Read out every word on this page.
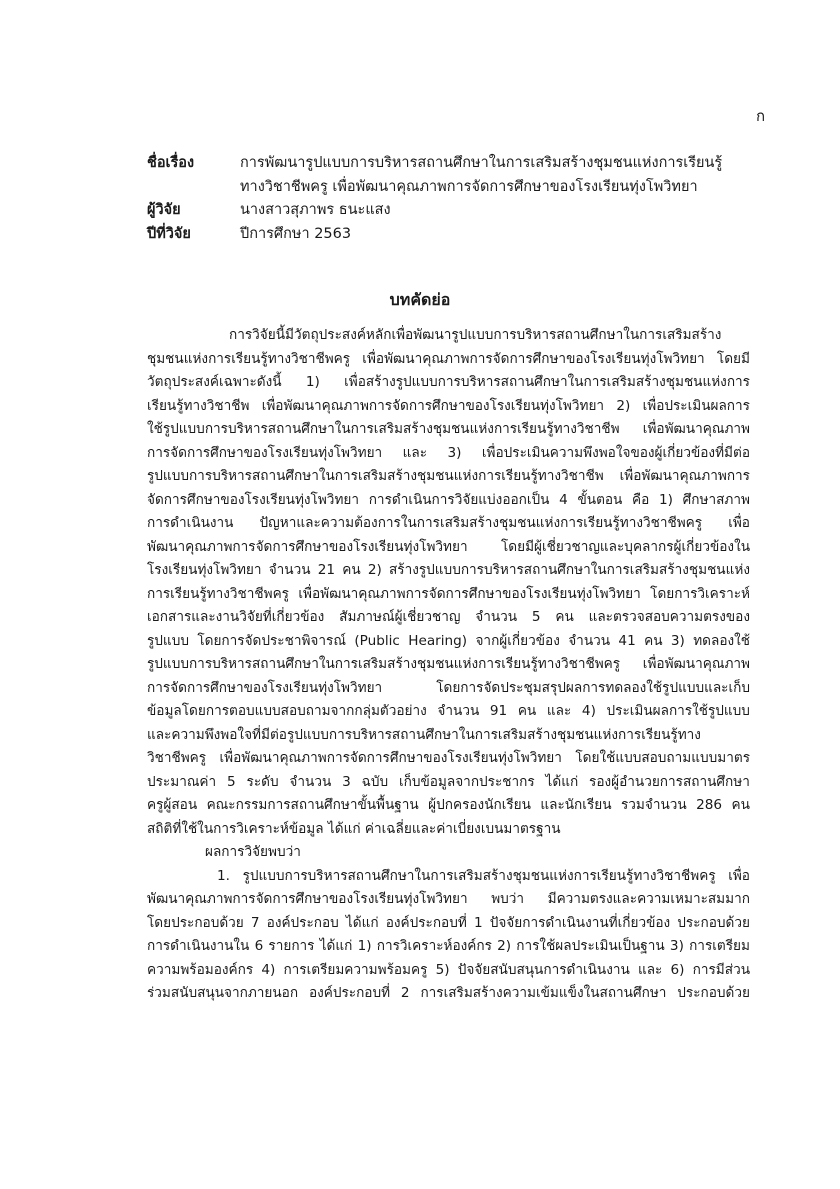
ก
ชื่อเรื่อง	การพัฒนารูปแบบการบริหารสถานศึกษาในการเสริมสร้างชุมชนแห่งการเรียนรู้
ทางวิชาชีพครู เพื่อพัฒนาคุณภาพการจัดการศึกษาของโรงเรียนทุ่งโพวิทยา
ผู้วิจัย	นางสาวสุภาพร ธนะแสง
ปีที่วิจัย	ปีการศึกษา 2563
บทคัดย่อ
การวิจัยนี้มีวัตถุประสงค์หลักเพื่อพัฒนารูปแบบการบริหารสถานศึกษาในการเสริมสร้าง
ชุมชนแห่งการเรียนรู้ทางวิชาชีพครู เพื่อพัฒนาคุณภาพการจัดการศึกษาของโรงเรียนทุ่งโพวิทยา โดยมี
วัตถุประสงค์เฉพาะดังนี้ 1) เพื่อสร้างรูปแบบการบริหารสถานศึกษาในการเสริมสร้างชุมชนแห่งการ
เรียนรู้ทางวิชาชีพ เพื่อพัฒนาคุณภาพการจัดการศึกษาของโรงเรียนทุ่งโพวิทยา 2) เพื่อประเมินผลการ
ใช้รูปแบบการบริหารสถานศึกษาในการเสริมสร้างชุมชนแห่งการเรียนรู้ทางวิชาชีพ เพื่อพัฒนาคุณภาพ
การจัดการศึกษาของโรงเรียนทุ่งโพวิทยา และ 3) เพื่อประเมินความพึงพอใจของผู้เกี่ยวข้องที่มีต่อ
รูปแบบการบริหารสถานศึกษาในการเสริมสร้างชุมชนแห่งการเรียนรู้ทางวิชาชีพ เพื่อพัฒนาคุณภาพการ
จัดการศึกษาของโรงเรียนทุ่งโพวิทยา การดำเนินการวิจัยแบ่งออกเป็น 4 ขั้นตอน คือ 1) ศึกษาสภาพ
การดำเนินงาน ปัญหาและความต้องการในการเสริมสร้างชุมชนแห่งการเรียนรู้ทางวิชาชีพครู เพื่อ
พัฒนาคุณภาพการจัดการศึกษาของโรงเรียนทุ่งโพวิทยา โดยมีผู้เชี่ยวชาญและบุคลากรผู้เกี่ยวข้องใน
โรงเรียนทุ่งโพวิทยา จำนวน 21 คน 2) สร้างรูปแบบการบริหารสถานศึกษาในการเสริมสร้างชุมชนแห่ง
การเรียนรู้ทางวิชาชีพครู เพื่อพัฒนาคุณภาพการจัดการศึกษาของโรงเรียนทุ่งโพวิทยา โดยการวิเคราะห์
เอกสารและงานวิจัยที่เกี่ยวข้อง สัมภาษณ์ผู้เชี่ยวชาญ จำนวน 5 คน และตรวจสอบความตรงของ
รูปแบบ โดยการจัดประชาพิจารณ์ (Public Hearing) จากผู้เกี่ยวข้อง จำนวน 41 คน 3) ทดลองใช้
รูปแบบการบริหารสถานศึกษาในการเสริมสร้างชุมชนแห่งการเรียนรู้ทางวิชาชีพครู เพื่อพัฒนาคุณภาพ
การจัดการศึกษาของโรงเรียนทุ่งโพวิทยา	โดยการจัดประชุมสรุปผลการทดลองใช้รูปแบบและเก็บ
ข้อมูลโดยการตอบแบบสอบถามจากกลุ่มตัวอย่าง จำนวน 91 คน และ 4) ประเมินผลการใช้รูปแบบ
และความพึงพอใจที่มีต่อรูปแบบการบริหารสถานศึกษาในการเสริมสร้างชุมชนแห่งการเรียนรู้ทาง
วิชาชีพครู เพื่อพัฒนาคุณภาพการจัดการศึกษาของโรงเรียนทุ่งโพวิทยา โดยใช้แบบสอบถามแบบมาตร
ประมาณค่า 5 ระดับ จำนวน 3 ฉบับ เก็บข้อมูลจากประชากร ได้แก่ รองผู้อำนวยการสถานศึกษา
ครูผู้สอน คณะกรรมการสถานศึกษาขั้นพื้นฐาน ผู้ปกครองนักเรียน และนักเรียน รวมจำนวน 286 คน
สถิติที่ใช้ในการวิเคราะห์ข้อมูล ได้แก่ ค่าเฉลี่ยและค่าเบี่ยงเบนมาตรฐาน
ผลการวิจัยพบว่า
1. รูปแบบการบริหารสถานศึกษาในการเสริมสร้างชุมชนแห่งการเรียนรู้ทางวิชาชีพครู เพื่อ
พัฒนาคุณภาพการจัดการศึกษาของโรงเรียนทุ่งโพวิทยา พบว่า มีความตรงและความเหมาะสมมาก
โดยประกอบด้วย 7 องค์ประกอบ ได้แก่ องค์ประกอบที่ 1 ปัจจัยการดำเนินงานที่เกี่ยวข้อง ประกอบด้วย
การดำเนินงานใน 6 รายการ ได้แก่ 1) การวิเคราะห์องค์กร 2) การใช้ผลประเมินเป็นฐาน 3) การเตรียม
ความพร้อมองค์กร 4) การเตรียมความพร้อมครู 5) ปัจจัยสนับสนุนการดำเนินงาน และ 6) การมีส่วน
ร่วมสนับสนุนจากภายนอก องค์ประกอบที่ 2 การเสริมสร้างความเข้มแข็งในสถานศึกษา ประกอบด้วย
